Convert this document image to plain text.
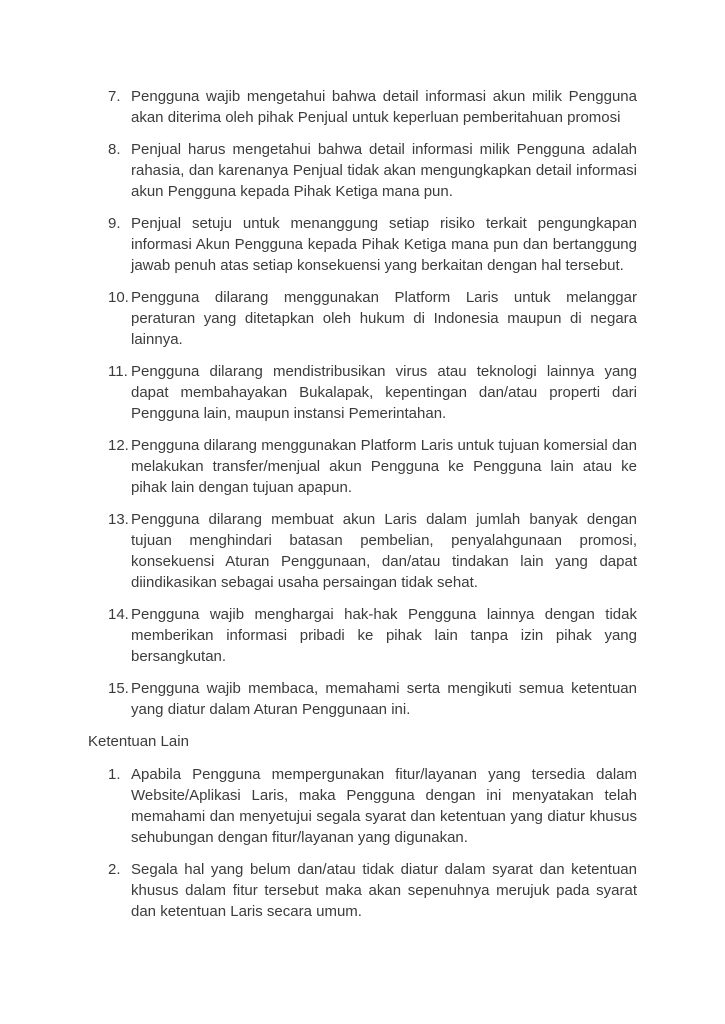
7. Pengguna wajib mengetahui bahwa detail informasi akun milik Pengguna akan diterima oleh pihak Penjual untuk keperluan pemberitahuan promosi

8. Penjual harus mengetahui bahwa detail informasi milik Pengguna adalah rahasia, dan karenanya Penjual tidak akan mengungkapkan detail informasi akun Pengguna kepada Pihak Ketiga mana pun.

9. Penjual setuju untuk menanggung setiap risiko terkait pengungkapan informasi Akun Pengguna kepada Pihak Ketiga mana pun dan bertanggung jawab penuh atas setiap konsekuensi yang berkaitan dengan hal tersebut.

10. Pengguna dilarang menggunakan Platform Laris untuk melanggar peraturan yang ditetapkan oleh hukum di Indonesia maupun di negara lainnya.

11. Pengguna dilarang mendistribusikan virus atau teknologi lainnya yang dapat membahayakan Bukalapak, kepentingan dan/atau properti dari Pengguna lain, maupun instansi Pemerintahan.

12. Pengguna dilarang menggunakan Platform Laris untuk tujuan komersial dan melakukan transfer/menjual akun Pengguna ke Pengguna lain atau ke pihak lain dengan tujuan apapun.

13. Pengguna dilarang membuat akun Laris dalam jumlah banyak dengan tujuan menghindari batasan pembelian, penyalahgunaan promosi, konsekuensi Aturan Penggunaan, dan/atau tindakan lain yang dapat diindikasikan sebagai usaha persaingan tidak sehat.

14. Pengguna wajib menghargai hak-hak Pengguna lainnya dengan tidak memberikan informasi pribadi ke pihak lain tanpa izin pihak yang bersangkutan.

15. Pengguna wajib membaca, memahami serta mengikuti semua ketentuan yang diatur dalam Aturan Penggunaan ini.

Ketentuan Lain
1. Apabila Pengguna mempergunakan fitur/layanan yang tersedia dalam Website/Aplikasi Laris, maka Pengguna dengan ini menyatakan telah memahami dan menyetujui segala syarat dan ketentuan yang diatur khusus sehubungan dengan fitur/layanan yang digunakan.

2. Segala hal yang belum dan/atau tidak diatur dalam syarat dan ketentuan khusus dalam fitur tersebut maka akan sepenuhnya merujuk pada syarat dan ketentuan Laris secara umum.
